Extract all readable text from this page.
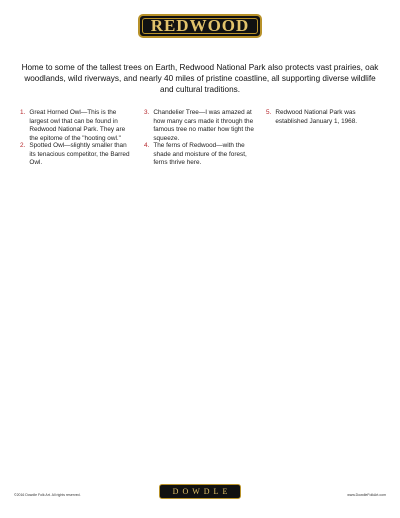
REDWOOD

Home to some of the tallest trees on Earth, Redwood National Park also protects vast prairies, oak woodlands, wild riverways, and nearly 40 miles of pristine coastline, all supporting diverse wildlife and cultural traditions.

1. Great Horned Owl—This is the largest owl that can be found in Redwood National Park. They are the epitome of the "hooting owl."
2. Spotted Owl—slightly smaller than its tenacious competitor, the Barred Owl.
3. Chandelier Tree—I was amazed at how many cars made it through the famous tree no matter how tight the squeeze.
4. The ferns of Redwood—with the shade and moisture of the forest, ferns thrive here.
5. Redwood National Park was established January 1, 1968.
©2016 Dowdle Folk Art. All rights reserved.	DOWDLE	www.DowdleFolkArt.com
